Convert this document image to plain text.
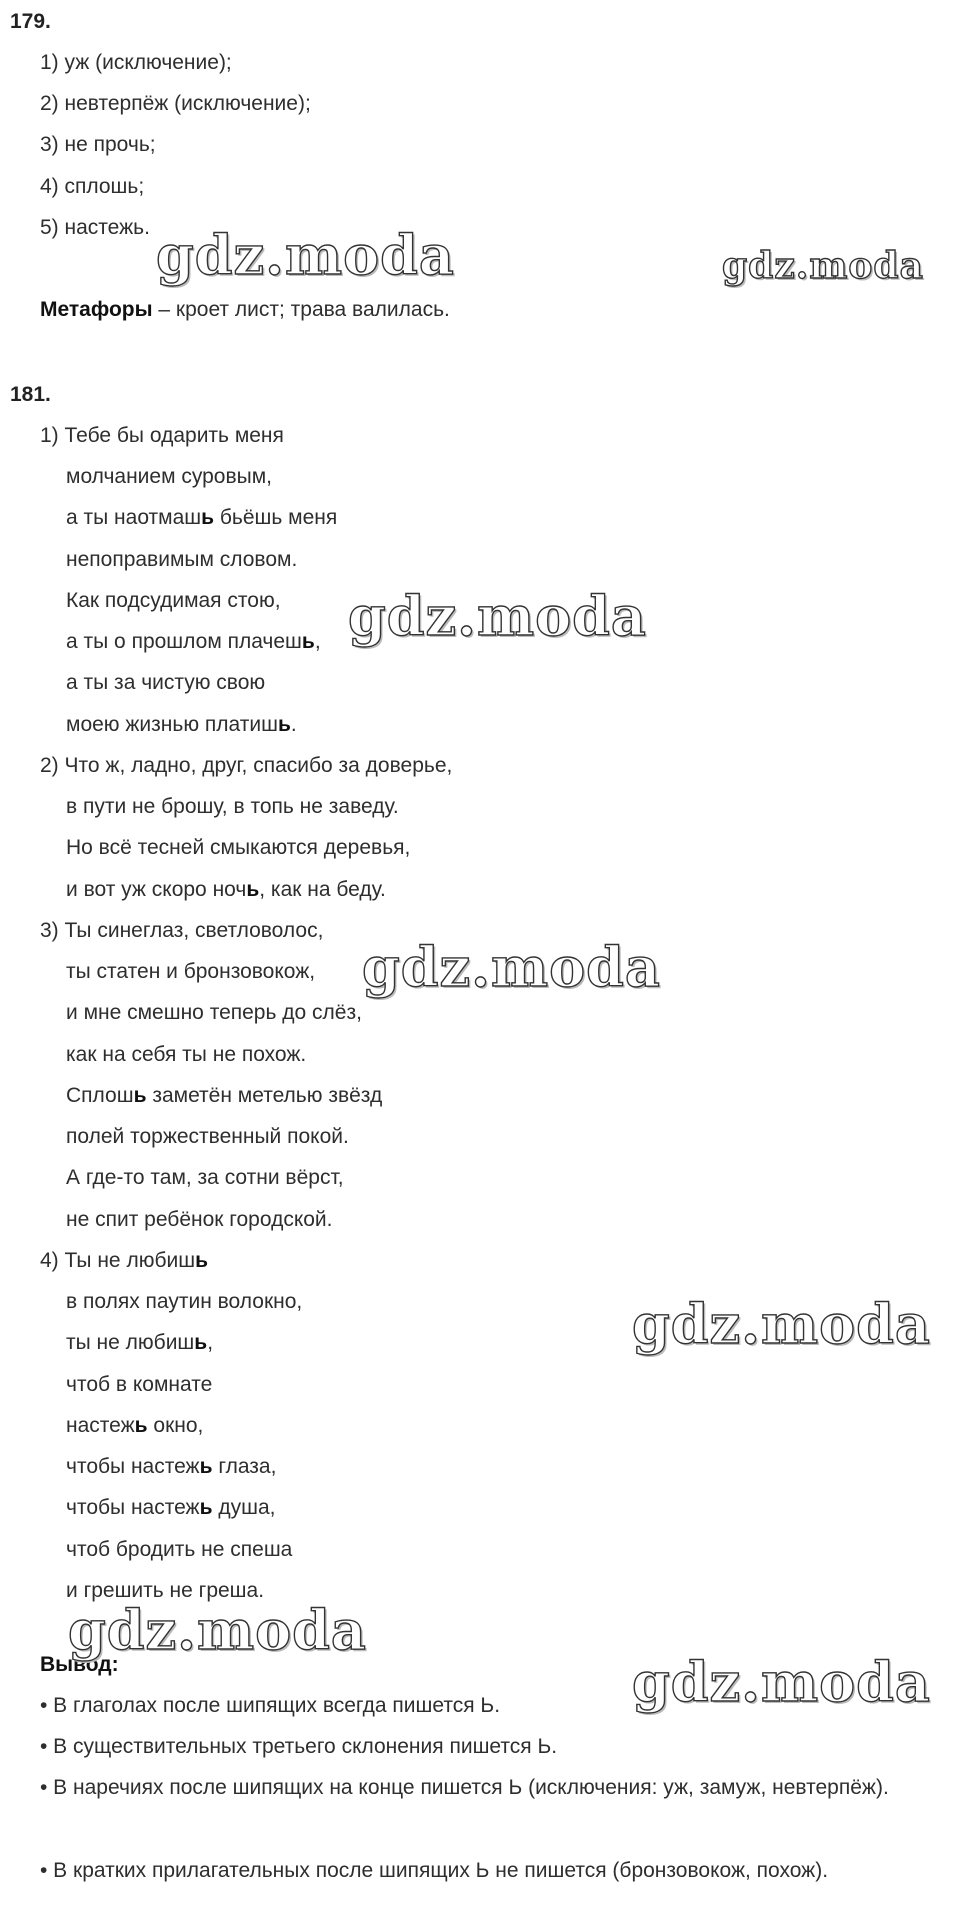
179.
1) уж (исключение);
2) невтерпёж (исключение);
3) не прочь;
4) сплошь;
5) настежь.
Метафоры – кроет лист; трава валилась.
181.
1) Тебе бы одарить меня
молчанием суровым,
а ты наотмашь бьёшь меня
непоправимым словом.
Как подсудимая стою,
а ты о прошлом плачешь,
а ты за чистую свою
моею жизнью платишь.
2) Что ж, ладно, друг, спасибо за доверье,
в пути не брошу, в топь не заведу.
Но всё тесней смыкаются деревья,
и вот уж скоро ночь, как на беду.
3) Ты синеглаз, светловолос,
ты статен и бронзовокож,
и мне смешно теперь до слёз,
как на себя ты не похож.
Сплошь заметён метелью звёзд
полей торжественный покой.
А где-то там, за сотни вёрст,
не спит ребёнок городской.
4) Ты не любишь
в полях паутин волокно,
ты не любишь,
чтоб в комнате
настежь окно,
чтобы настежь глаза,
чтобы настежь душа,
чтоб бродить не спеша
и грешить не греша.
Вывод:
• В глаголах после шипящих всегда пишется Ь.
• В существительных третьего склонения пишется Ь.
• В наречиях после шипящих на конце пишется Ь (исключения: уж, замуж, невтерпёж).
• В кратких прилагательных после шипящих Ь не пишется (бронзовокож, похож).
gdz.moda	gdz.moda
gdz.moda
gdz.moda
gdz.moda
gdz.moda
gdz.moda
